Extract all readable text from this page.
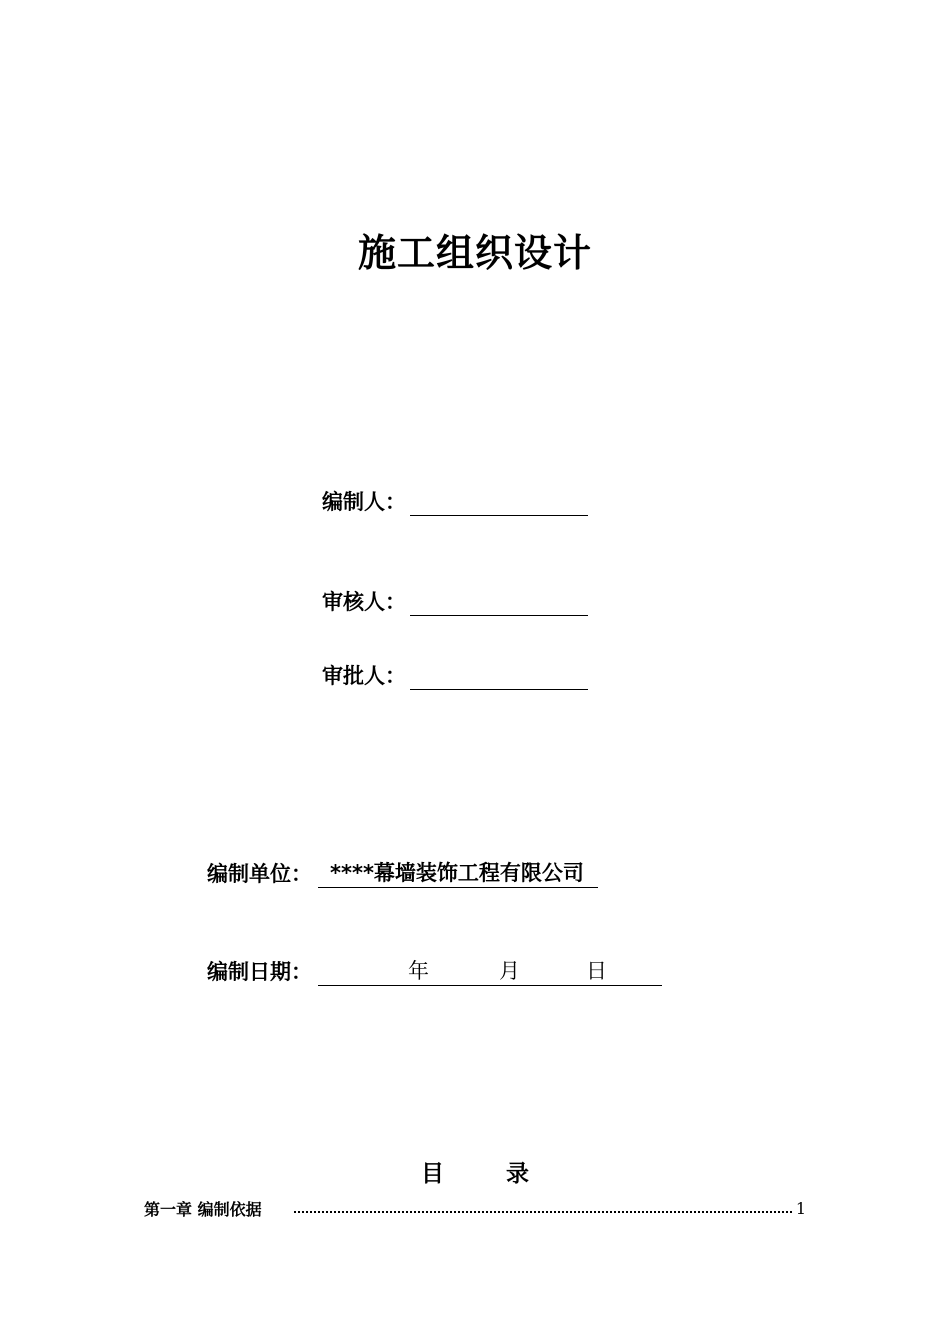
施工组织设计
编制人：
审核人：
审批人：
编制单位： ****幕墙装饰工程有限公司
编制日期：	年	月	日
目	录
第一章 编制依据	1
